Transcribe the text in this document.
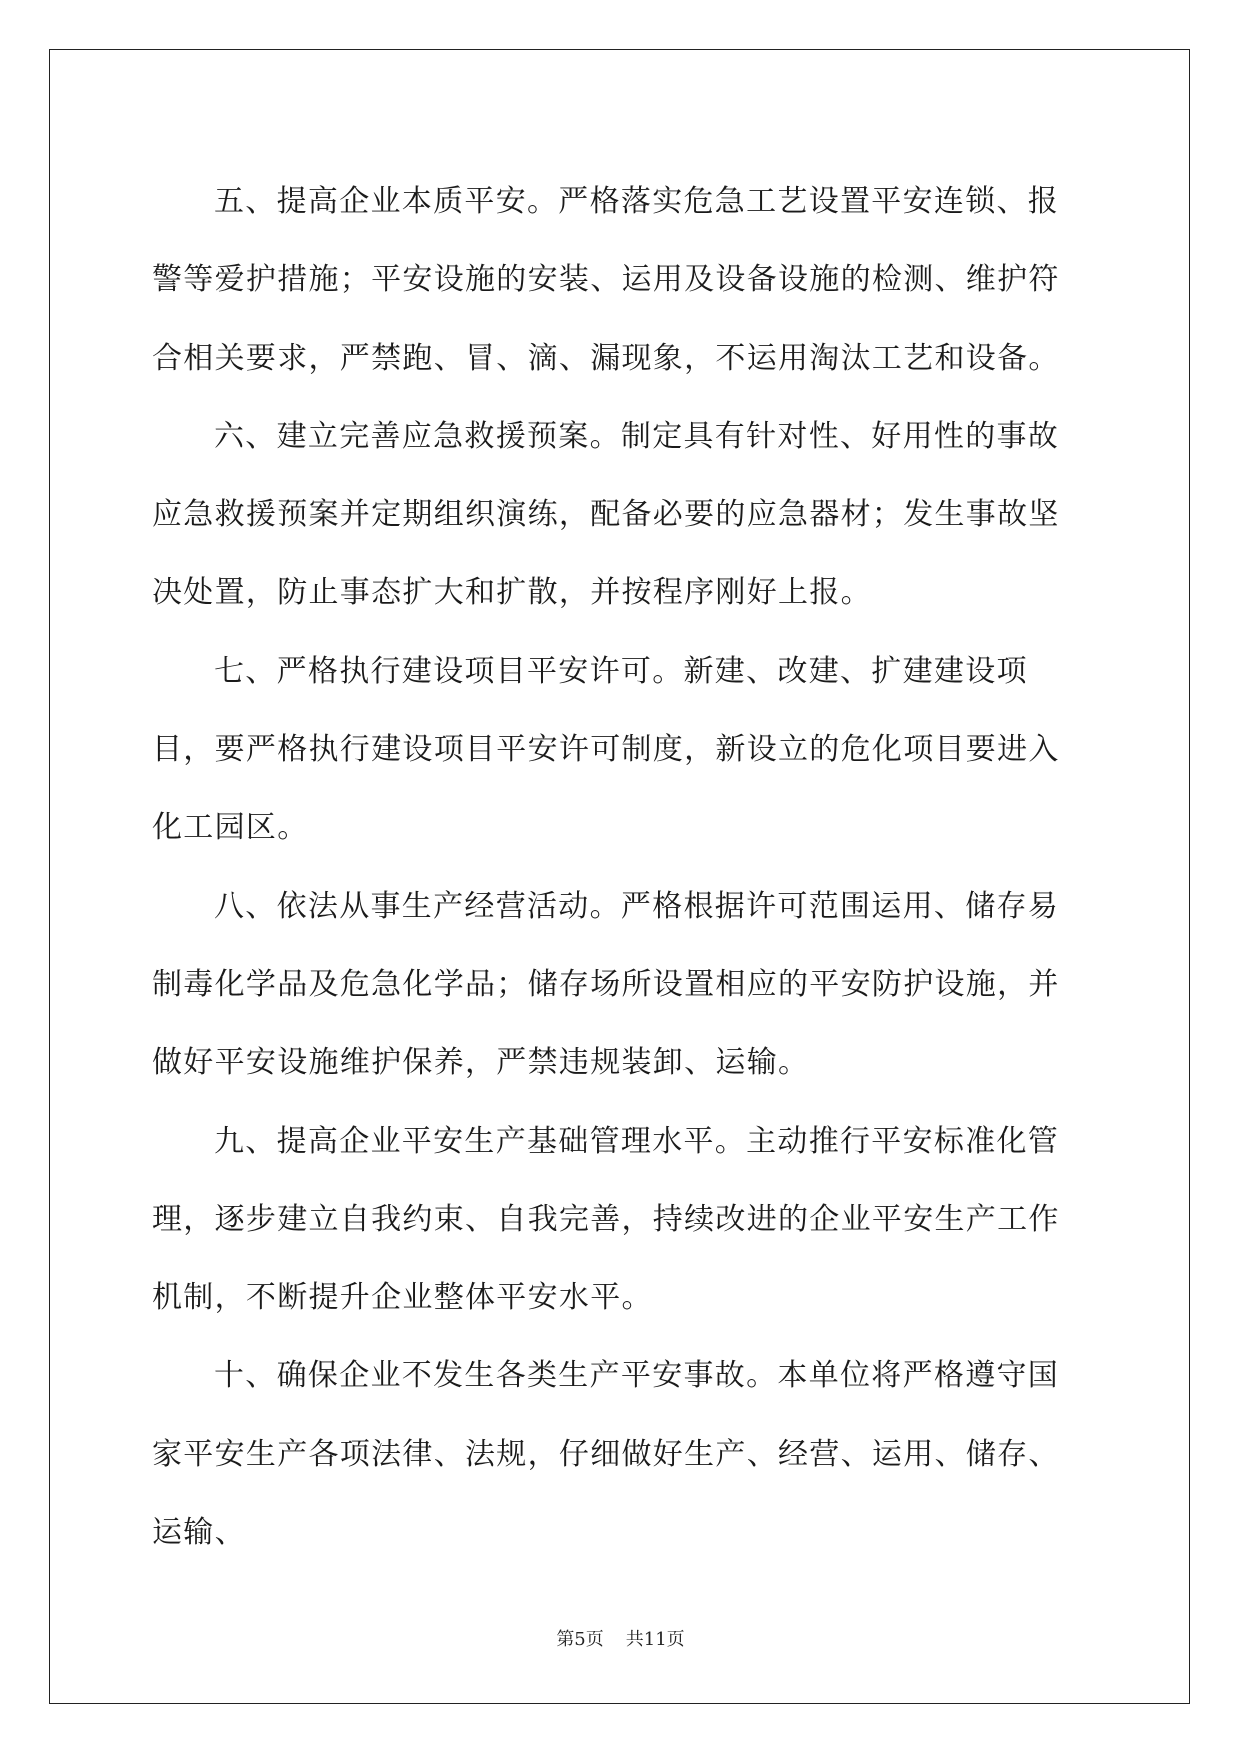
五、提高企业本质平安。严格落实危急工艺设置平安连锁、报警等爱护措施；平安设施的安装、运用及设备设施的检测、维护符合相关要求，严禁跑、冒、滴、漏现象，不运用淘汰工艺和设备。

六、建立完善应急救援预案。制定具有针对性、好用性的事故应急救援预案并定期组织演练，配备必要的应急器材；发生事故坚决处置，防止事态扩大和扩散，并按程序刚好上报。

七、严格执行建设项目平安许可。新建、改建、扩建建设项目，要严格执行建设项目平安许可制度，新设立的危化项目要进入化工园区。

八、依法从事生产经营活动。严格根据许可范围运用、储存易制毒化学品及危急化学品；储存场所设置相应的平安防护设施，并做好平安设施维护保养，严禁违规装卸、运输。

九、提高企业平安生产基础管理水平。主动推行平安标准化管理，逐步建立自我约束、自我完善，持续改进的企业平安生产工作机制，不断提升企业整体平安水平。

十、确保企业不发生各类生产平安事故。本单位将严格遵守国家平安生产各项法律、法规，仔细做好生产、经营、运用、储存、运输、

第5页 共11页
